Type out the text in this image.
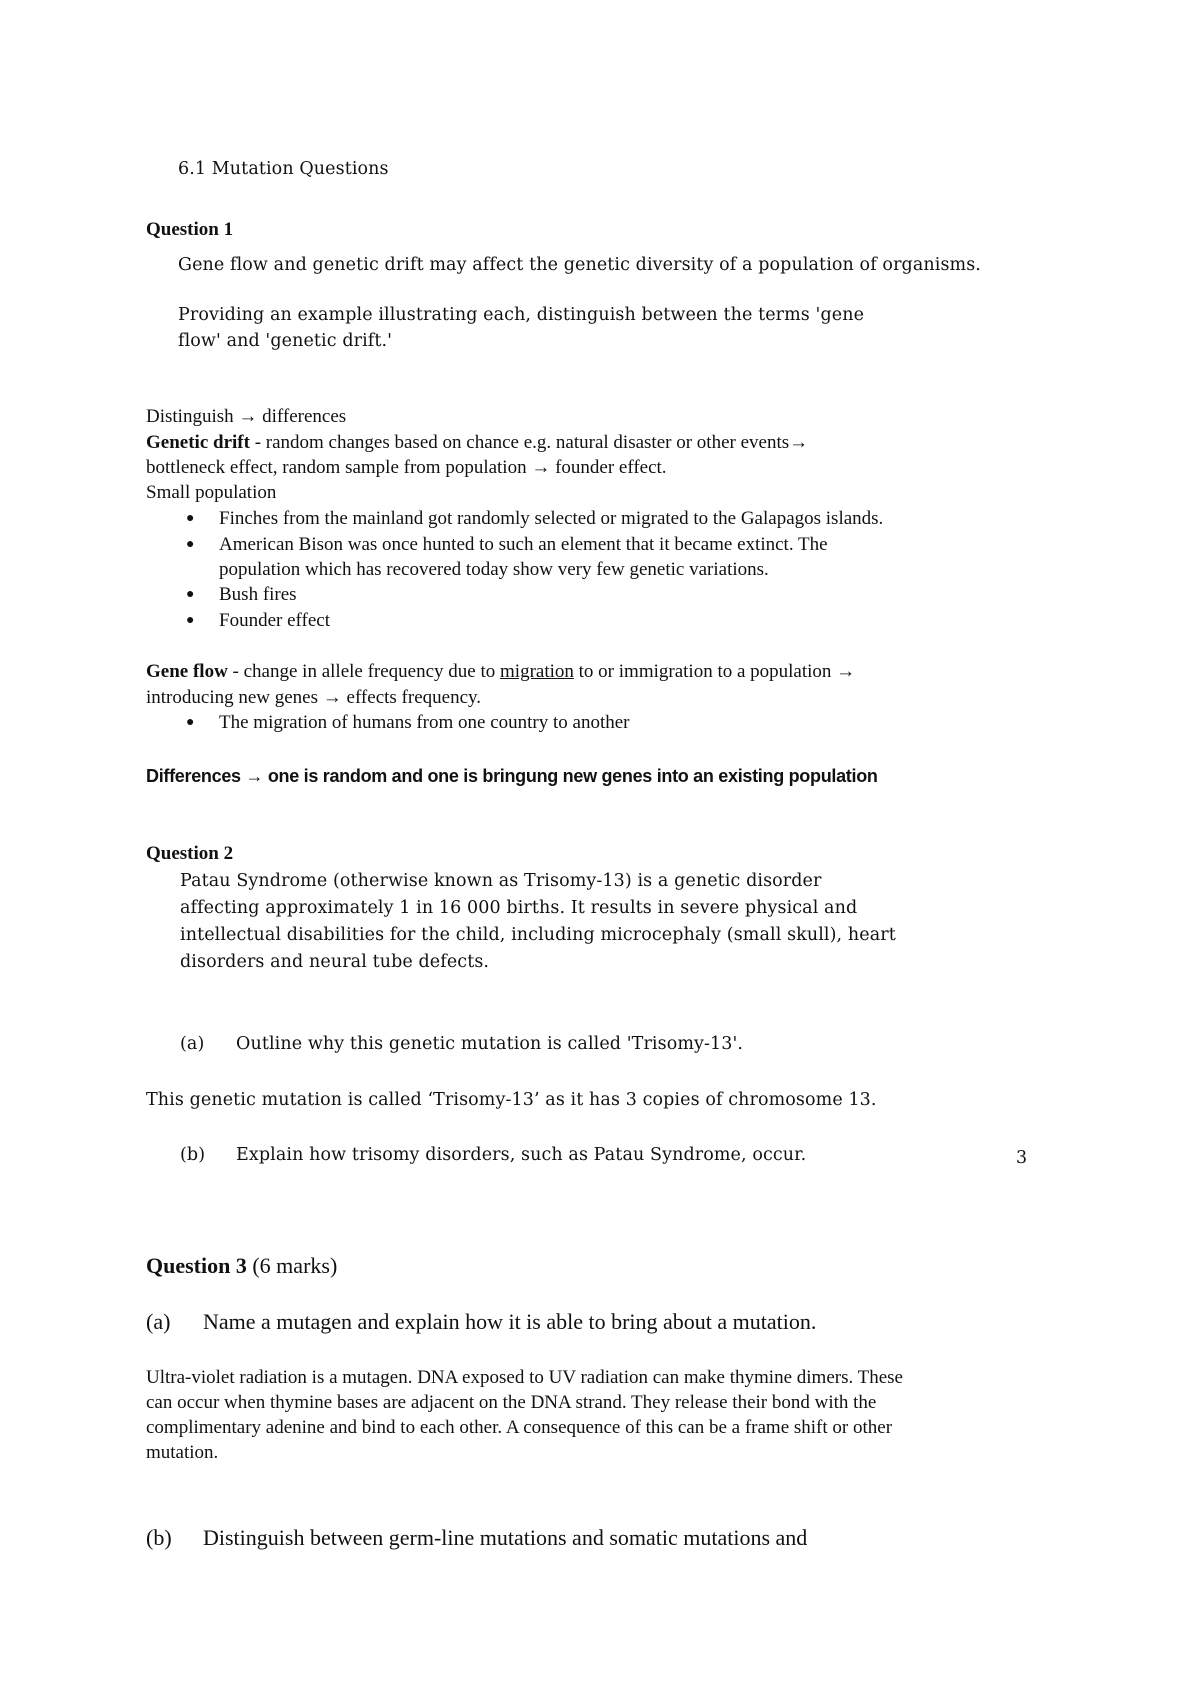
6.1 Mutation Questions
Question 1
Gene flow and genetic drift may affect the genetic diversity of a population of organisms.
Providing an example illustrating each, distinguish between the terms 'gene
flow' and 'genetic drift.'
Distinguish → differences
Genetic drift - random changes based on chance e.g. natural disaster or other events→
bottleneck effect, random sample from population → founder effect.
Small population
● Finches from the mainland got randomly selected or migrated to the Galapagos islands.
● American Bison was once hunted to such an element that it became extinct. The
population which has recovered today show very few genetic variations.
● Bush fires
● Founder effect
Gene flow - change in allele frequency due to migration to or immigration to a population →
introducing new genes → effects frequency.
● The migration of humans from one country to another
Differences → one is random and one is bringung new genes into an existing population
Question 2
Patau Syndrome (otherwise known as Trisomy-13) is a genetic disorder
affecting approximately 1 in 16 000 births. It results in severe physical and
intellectual disabilities for the child, including microcephaly (small skull), heart
disorders and neural tube defects.
(a) Outline why this genetic mutation is called 'Trisomy-13'.
This genetic mutation is called ‘Trisomy-13’ as it has 3 copies of chromosome 13.
(b) Explain how trisomy disorders, such as Patau Syndrome, occur.	3
Question 3 (6 marks)
(a) Name a mutagen and explain how it is able to bring about a mutation.
Ultra-violet radiation is a mutagen. DNA exposed to UV radiation can make thymine dimers. These
can occur when thymine bases are adjacent on the DNA strand. They release their bond with the
complimentary adenine and bind to each other. A consequence of this can be a frame shift or other
mutation.
(b) Distinguish between germ-line mutations and somatic mutations and
